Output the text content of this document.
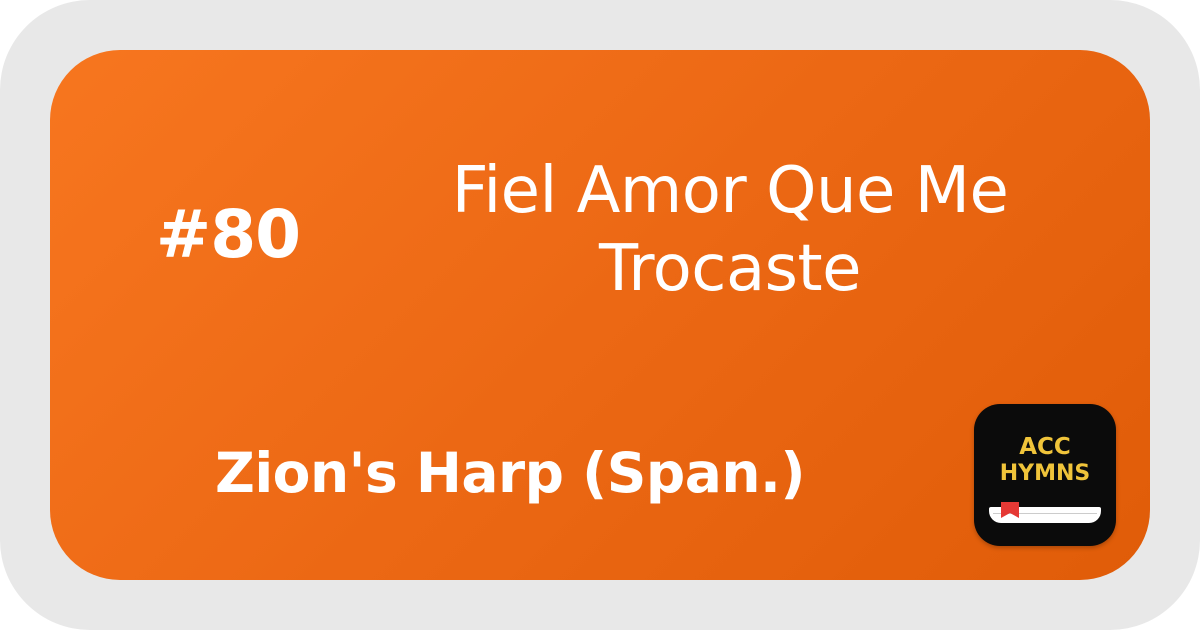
#80
Fiel Amor Que Me
Trocaste
Zion's Harp (Span.)	ACC
HYMNS
